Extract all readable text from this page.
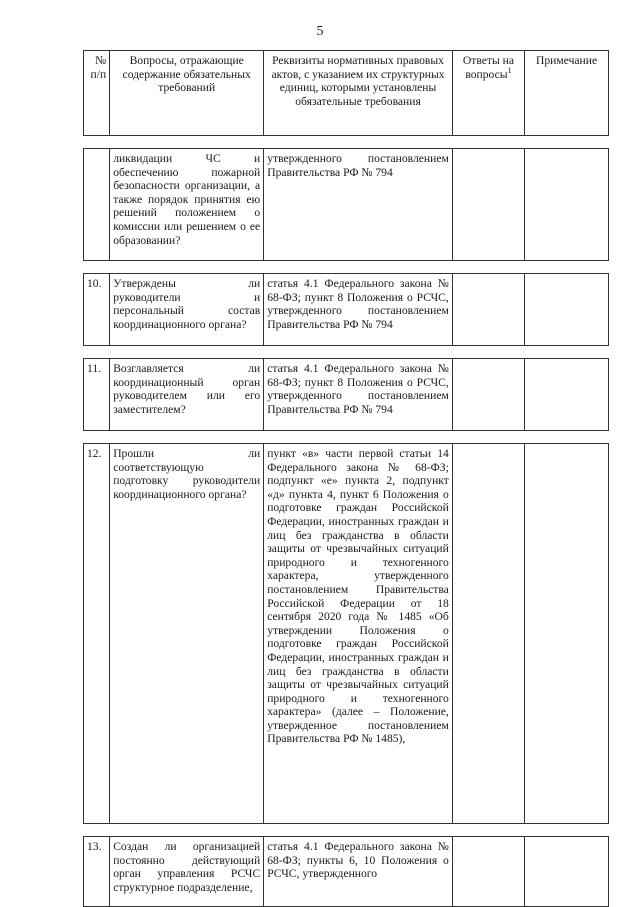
5
№ п/п	Вопросы, отражающие содержание обязательных требований	Реквизиты нормативных правовых актов, с указанием их структурных единиц, которыми установлены обязательные требования	Ответы на вопросы$^1$	Примечание

	ликвидации ЧС и обеспечению пожарной безопасности организации, а также порядок принятия ею решений положением о комиссии или решением о ее образовании?	утвержденного постановлением Правительства РФ № 794		

10.	Утверждены ли руководители и персональный состав координационного органа?	статья 4.1 Федерального закона № 68-ФЗ; пункт 8 Положения о РСЧС, утвержденного постановлением Правительства РФ № 794		

11.	Возглавляется ли координационный орган руководителем или его заместителем?	статья 4.1 Федерального закона № 68-ФЗ; пункт 8 Положения о РСЧС, утвержденного постановлением Правительства РФ № 794		

12.	Прошли ли соответствующую подготовку руководители координационного органа?	пункт «в» части первой статьи 14 Федерального закона № 68-ФЗ; подпункт «е» пункта 2, подпункт «д» пункта 4, пункт 6 Положения о подготовке граждан Российской Федерации, иностранных граждан и лиц без гражданства в области защиты от чрезвычайных ситуаций природного и техногенного характера, утвержденного постановлением Правительства Российской Федерации от 18 сентября 2020 года № 1485 «Об утверждении Положения о подготовке граждан Российской Федерации, иностранных граждан и лиц без гражданства в области защиты от чрезвычайных ситуаций природного и техногенного характера» (далее – Положение, утвержденное постановлением Правительства РФ № 1485),		

13.	Создан ли организацией постоянно действующий орган управления РСЧС структурное подразделение,	статья 4.1 Федерального закона № 68-ФЗ; пункты 6, 10 Положения о РСЧС, утвержденного		
